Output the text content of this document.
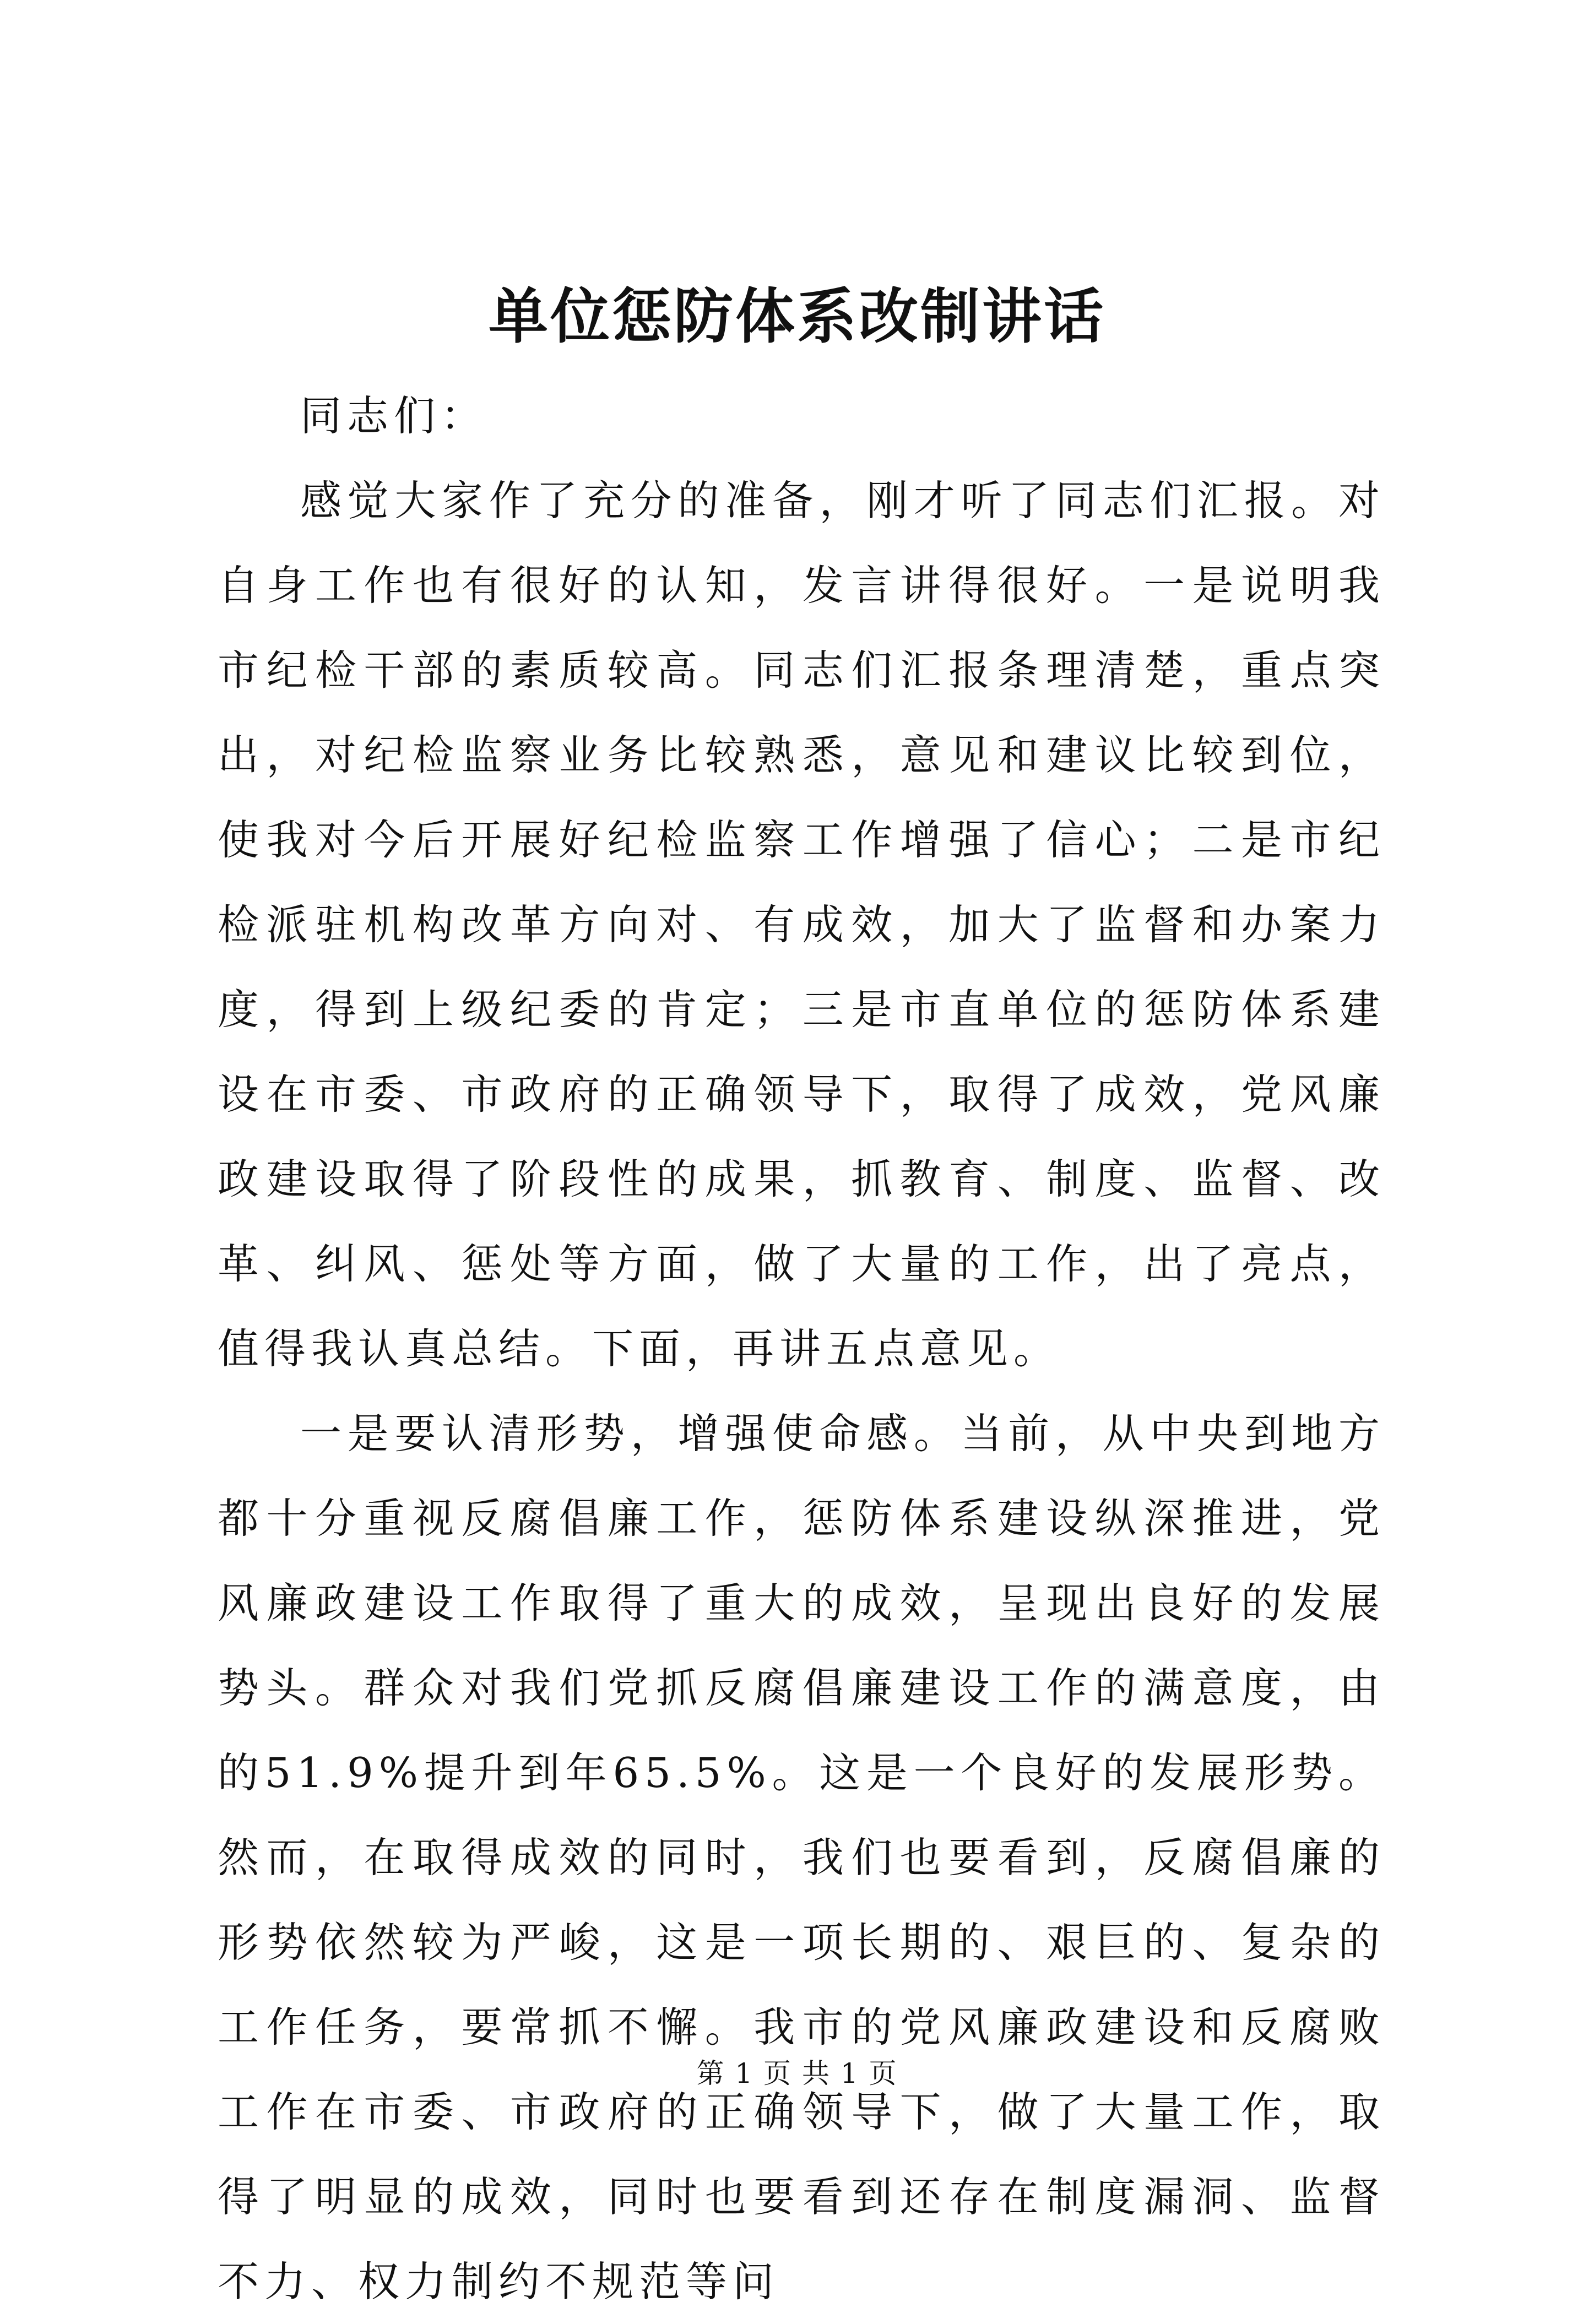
单位惩防体系改制讲话

同志们：

感觉大家作了充分的准备，刚才听了同志们汇报。对自身工作也有很好的认知，发言讲得很好。一是说明我市纪检干部的素质较高。同志们汇报条理清楚，重点突出，对纪检监察业务比较熟悉，意见和建议比较到位，使我对今后开展好纪检监察工作增强了信心；二是市纪检派驻机构改革方向对、有成效，加大了监督和办案力度，得到上级纪委的肯定；三是市直单位的惩防体系建设在市委、市政府的正确领导下，取得了成效，党风廉政建设取得了阶段性的成果，抓教育、制度、监督、改革、纠风、惩处等方面，做了大量的工作，出了亮点，值得我认真总结。下面，再讲五点意见。

一是要认清形势，增强使命感。当前，从中央到地方都十分重视反腐倡廉工作，惩防体系建设纵深推进，党风廉政建设工作取得了重大的成效，呈现出良好的发展势头。群众对我们党抓反腐倡廉建设工作的满意度，由的51.9%提升到年65.5%。这是一个良好的发展形势。然而，在取得成效的同时，我们也要看到，反腐倡廉的形势依然较为严峻，这是一项长期的、艰巨的、复杂的工作任务，要常抓不懈。我市的党风廉政建设和反腐败工作在市委、市政府的正确领导下，做了大量工作，取得了明显的成效，同时也要看到还存在制度漏洞、监督不力、权力制约不规范等问

第 1 页 共 1 页
